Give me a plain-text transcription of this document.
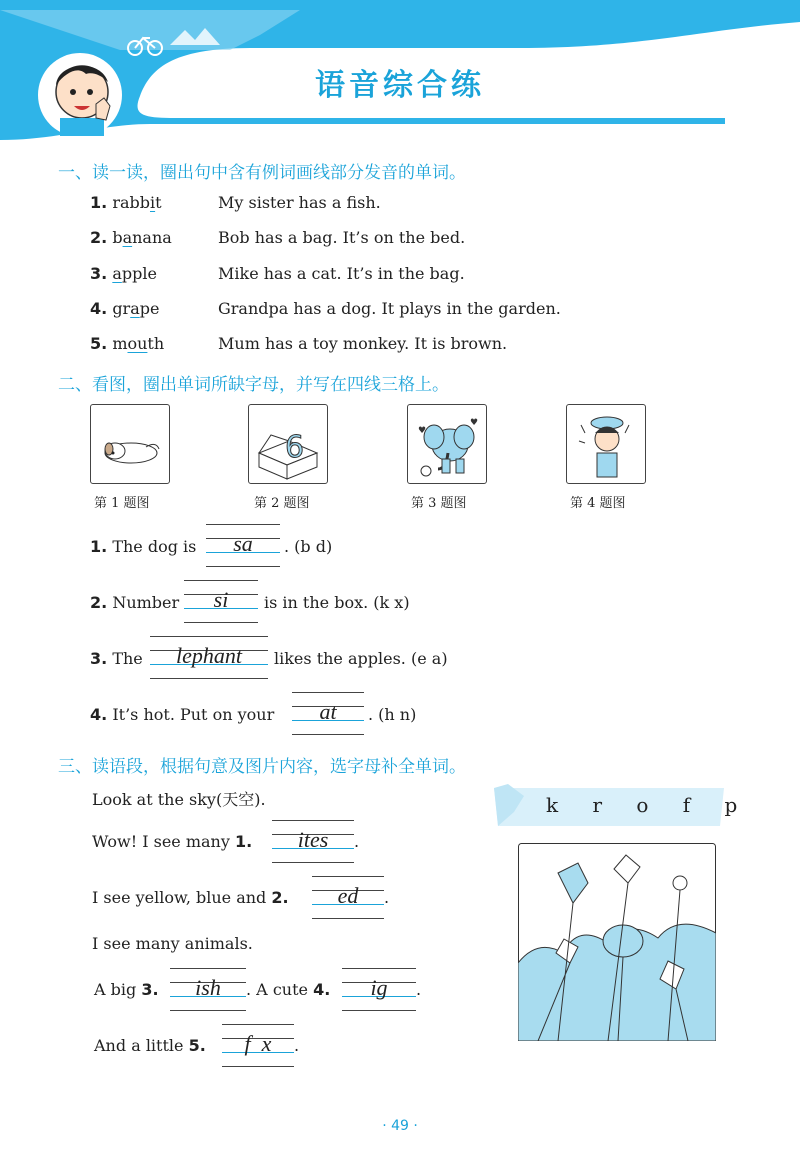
语音综合练
一、读一读，圈出句中含有例词画线部分发音的单词。
1. rabbit	My sister has a fish.
2. banana	Bob has a bag. It’s on the bed.
3. apple	Mike has a cat. It’s in the bag.
4. grape	Grandpa has a dog. It plays in the garden.
5. mouth	Mum has a toy monkey. It is brown.
二、看图，圈出单词所缺字母，并写在四线三格上。
6	♥
♥
第 1 题图	第 2 题图	第 3 题图	第 4 题图
1. The dog is	sa	. (b d)
2. Number	si	is in the box. (k x)
3. The	lephant	likes the apples. (e a)
4. It’s hot. Put on your	at	. (h n)
三、读语段，根据句意及图片内容，选字母补全单词。
k r o f p
Look at the sky(天空).
Wow! I see many 1.	ites	.
I see yellow, blue and 2.	ed	.
I see many animals.
A big 3.	ish	. A cute 4.	ig	.
And a little 5.	f  x	.
· 49 ·
